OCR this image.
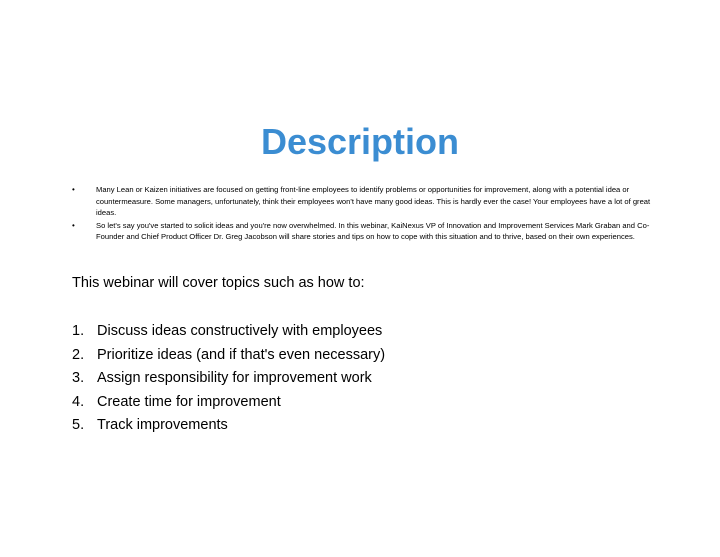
Description
•	Many Lean or Kaizen initiatives are focused on getting front-line employees to identify problems or opportunities for improvement, along with a potential idea or countermeasure. Some managers, unfortunately, think their employees won't have many good ideas. This is hardly ever the case! Your employees have a lot of great ideas.
•	So let's say you've started to solicit ideas and you're now overwhelmed. In this webinar, KaiNexus VP of Innovation and Improvement Services Mark Graban and Co-Founder and Chief Product Officer Dr. Greg Jacobson will share stories and tips on how to cope with this situation and to thrive, based on their own experiences.

This webinar will cover topics such as how to:

1. Discuss ideas constructively with employees
2. Prioritize ideas (and if that's even necessary)
3. Assign responsibility for improvement work
4. Create time for improvement
5. Track improvements
